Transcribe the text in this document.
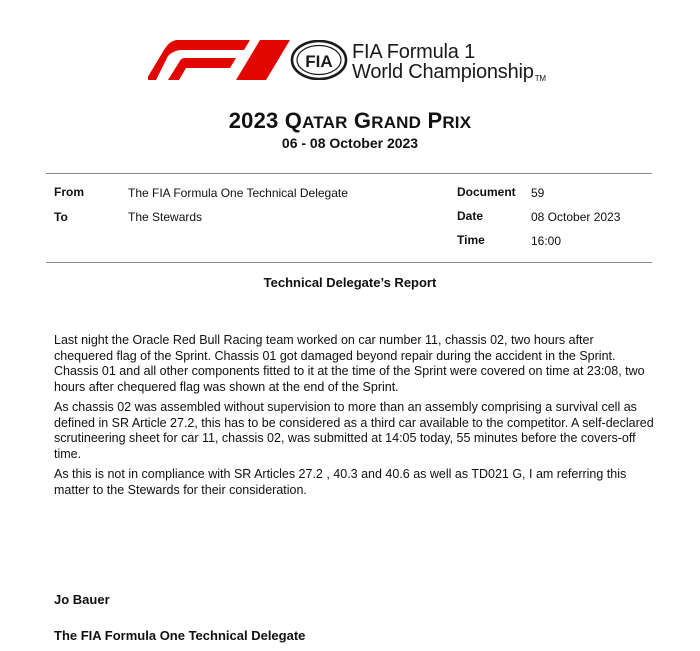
FIA FIA Formula 1
World ChampionshipTM
2023 QATAR GRAND PRIX
06 - 08 October 2023
From	The FIA Formula One Technical Delegate
To	The Stewards
Document 59
Date	08 October 2023
Time	16:00
Technical Delegate’s Report

Last night the Oracle Red Bull Racing team worked on car number 11, chassis 02, two hours after chequered flag of the Sprint. Chassis 01 got damaged beyond repair during the accident in the Sprint. Chassis 01 and all other components fitted to it at the time of the Sprint were covered on time at 23:08, two hours after chequered flag was shown at the end of the Sprint.

As chassis 02 was assembled without supervision to more than an assembly comprising a survival cell as defined in SR Article 27.2, this has to be considered as a third car available to the competitor. A self-declared scrutineering sheet for car 11, chassis 02, was submitted at 14:05 today, 55 minutes before the covers-off time.

As this is not in compliance with SR Articles 27.2 , 40.3 and 40.6 as well as TD021 G, I am referring this matter to the Stewards for their consideration.

Jo Bauer
The FIA Formula One Technical Delegate
